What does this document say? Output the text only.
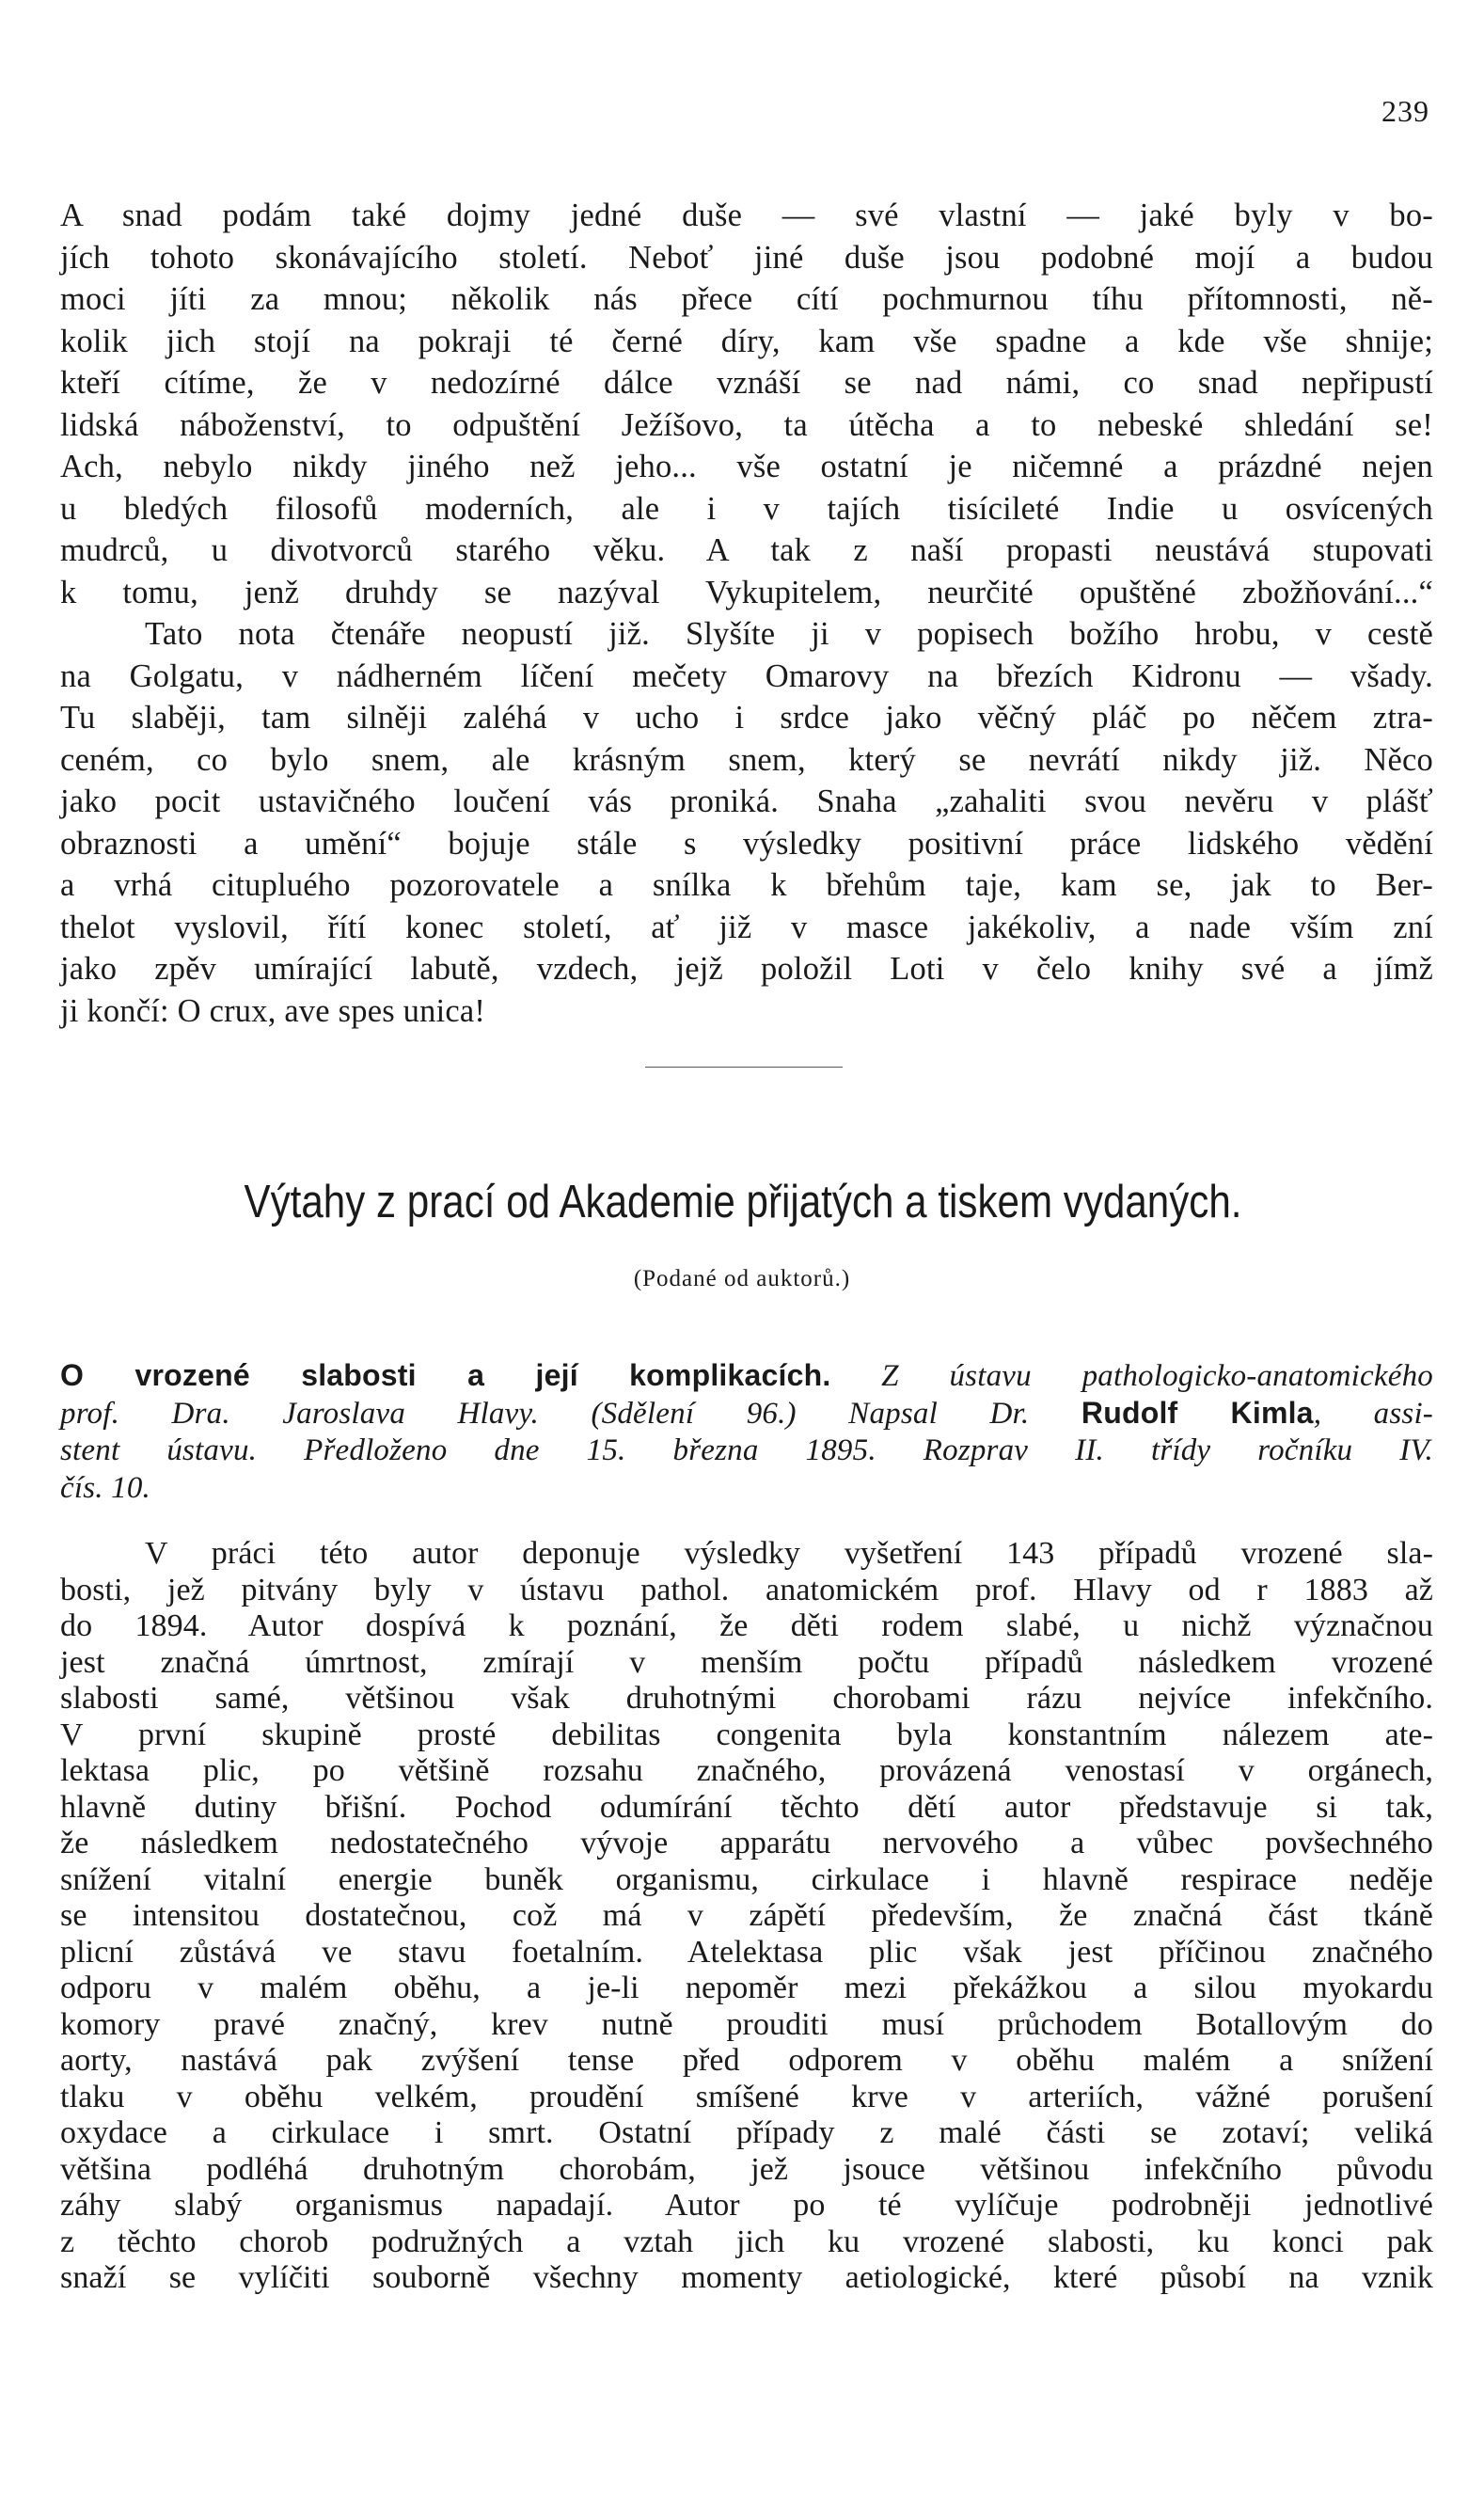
239
A snad podám také dojmy jedné duše — své vlastní — jaké byly v bo-
jích tohoto skonávajícího století. Neboť jiné duše jsou podobné mojí a budou
moci jíti za mnou; několik nás přece cítí pochmurnou tíhu přítomnosti, ně-
kolik jich stojí na pokraji té černé díry, kam vše spadne a kde vše shnije;
kteří cítíme, že v nedozírné dálce vznáší se nad námi, co snad nepřipustí
lidská náboženství, to odpuštění Ježíšovo, ta útěcha a to nebeské shledání se!
Ach, nebylo nikdy jiného než jeho... vše ostatní je ničemné a prázdné nejen
u bledých filosofů moderních, ale i v tajích tisícileté Indie u osvícených
mudrců, u divotvorců starého věku. A tak z naší propasti neustává stupovati
k tomu, jenž druhdy se nazýval Vykupitelem, neurčité opuštěné zbožňování...“
Tato nota čtenáře neopustí již. Slyšíte ji v popisech božího hrobu, v cestě
na Golgatu, v nádherném líčení mečety Omarovy na březích Kidronu — všady.
Tu slaběji, tam silněji zaléhá v ucho i srdce jako věčný pláč po něčem ztra-
ceném, co bylo snem, ale krásným snem, který se nevrátí nikdy již. Něco
jako pocit ustavičného loučení vás proniká. Snaha „zahaliti svou nevěru v plášť
obraznosti a umění“ bojuje stále s výsledky positivní práce lidského vědění
a vrhá citupluého pozorovatele a snílka k břehům taje, kam se, jak to Ber-
thelot vyslovil, řítí konec století, ať již v masce jakékoliv, a nade vším zní
jako zpěv umírající labutě, vzdech, jejž položil Loti v čelo knihy své a jímž
ji končí: O crux, ave spes unica!
Výtahy z prací od Akademie přijatých a tiskem vydaných.
(Podané od auktorů.)
O vrozené slabosti a její komplikacích. Z ústavu pathologicko-anatomického
prof. Dra. Jaroslava Hlavy. (Sdělení 96.) Napsal Dr. Rudolf Kimla, assi-
stent ústavu. Předloženo dne 15. března 1895. Rozprav II. třídy ročníku IV.
čís. 10.
V práci této autor deponuje výsledky vyšetření 143 případů vrozené sla-
bosti, jež pitvány byly v ústavu pathol. anatomickém prof. Hlavy od r 1883 až
do 1894. Autor dospívá k poznání, že děti rodem slabé, u nichž význačnou
jest značná úmrtnost, zmírají v menším počtu případů následkem vrozené
slabosti samé, většinou však druhotnými chorobami rázu nejvíce infekčního.
V první skupině prosté debilitas congenita byla konstantním nálezem ate-
lektasa plic, po většině rozsahu značného, provázená venostasí v orgánech,
hlavně dutiny břišní. Pochod odumírání těchto dětí autor představuje si tak,
že následkem nedostatečného vývoje apparátu nervového a vůbec povšechného
snížení vitalní energie buněk organismu, cirkulace i hlavně respirace neděje
se intensitou dostatečnou, což má v zápětí především, že značná část tkáně
plicní zůstává ve stavu foetalním. Atelektasa plic však jest příčinou značného
odporu v malém oběhu, a je-li nepoměr mezi překážkou a silou myokardu
komory pravé značný, krev nutně prouditi musí průchodem Botallovým do
aorty, nastává pak zvýšení tense před odporem v oběhu malém a snížení
tlaku v oběhu velkém, proudění smíšené krve v arteriích, vážné porušení
oxydace a cirkulace i smrt. Ostatní případy z malé části se zotaví; veliká
většina podléhá druhotným chorobám, jež jsouce většinou infekčního původu
záhy slabý organismus napadají. Autor po té vylíčuje podrobněji jednotlivé
z těchto chorob podružných a vztah jich ku vrozené slabosti, ku konci pak
snaží se vylíčiti souborně všechny momenty aetiologické, které působí na vznik
